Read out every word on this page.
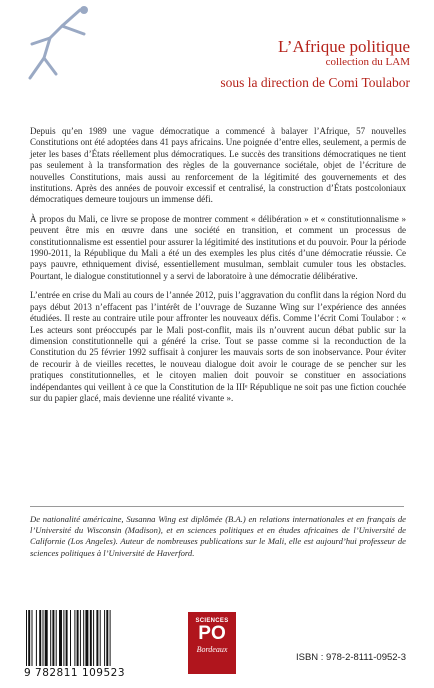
L’Afrique politique
collection du LAM
sous la direction de Comi Toulabor

Depuis qu’en 1989 une vague démocratique a commencé à balayer l’Afrique, 57 nouvelles Constitutions ont été adoptées dans 41 pays africains. Une poignée d’entre elles, seulement, a permis de jeter les bases d’États réellement plus démocratiques. Le succès des transitions démocratiques ne tient pas seulement à la transformation des règles de la gouvernance sociétale, objet de l’écriture de nouvelles Constitutions, mais aussi au renforcement de la légitimité des gouvernements et des institutions. Après des années de pouvoir excessif et centralisé, la construction d’États postcoloniaux démocratiques demeure toujours un immense défi.

À propos du Mali, ce livre se propose de montrer comment « délibération » et « constitutionnalisme » peuvent être mis en œuvre dans une société en transition, et comment un processus de constitutionnalisme est essentiel pour assurer la légitimité des institutions et du pouvoir. Pour la période 1990-2011, la République du Mali a été un des exemples les plus cités d’une démocratie réussie. Ce pays pauvre, ethniquement divisé, essentiellement musulman, semblait cumuler tous les obstacles. Pourtant, le dialogue constitutionnel y a servi de laboratoire à une démocratie délibérative.

L’entrée en crise du Mali au cours de l’année 2012, puis l’aggravation du conflit dans la région Nord du pays début 2013 n’effacent pas l’intérêt de l’ouvrage de Suzanne Wing sur l’expérience des années étudiées. Il reste au contraire utile pour affronter les nouveaux défis. Comme l’écrit Comi Toulabor : « Les acteurs sont préoccupés par le Mali post-conflit, mais ils n’ouvrent aucun débat public sur la dimension constitutionnelle qui a généré la crise. Tout se passe comme si la reconduction de la Constitution du 25 février 1992 suffisait à conjurer les mauvais sorts de son inobservance. Pour éviter de recourir à de vieilles recettes, le nouveau dialogue doit avoir le courage de se pencher sur les pratiques constitutionnelles, et le citoyen malien doit pouvoir se constituer en associations indépendantes qui veillent à ce que la Constitution de la IIIᵉ République ne soit pas une fiction couchée sur du papier glacé, mais devienne une réalité vivante ».

De nationalité américaine, Susanna Wing est diplômée (B.A.) en relations internationales et en français de l’Université du Wisconsin (Madison), et en sciences politiques et en études africaines de l’Université de Californie (Los Angeles). Auteur de nombreuses publications sur le Mali, elle est aujourd’hui professeur de sciences politiques à l’Université de Haverford.
9 782811 109523
SCIENCES
PO
Bordeaux
ISBN : 978-2-8111-0952-3
